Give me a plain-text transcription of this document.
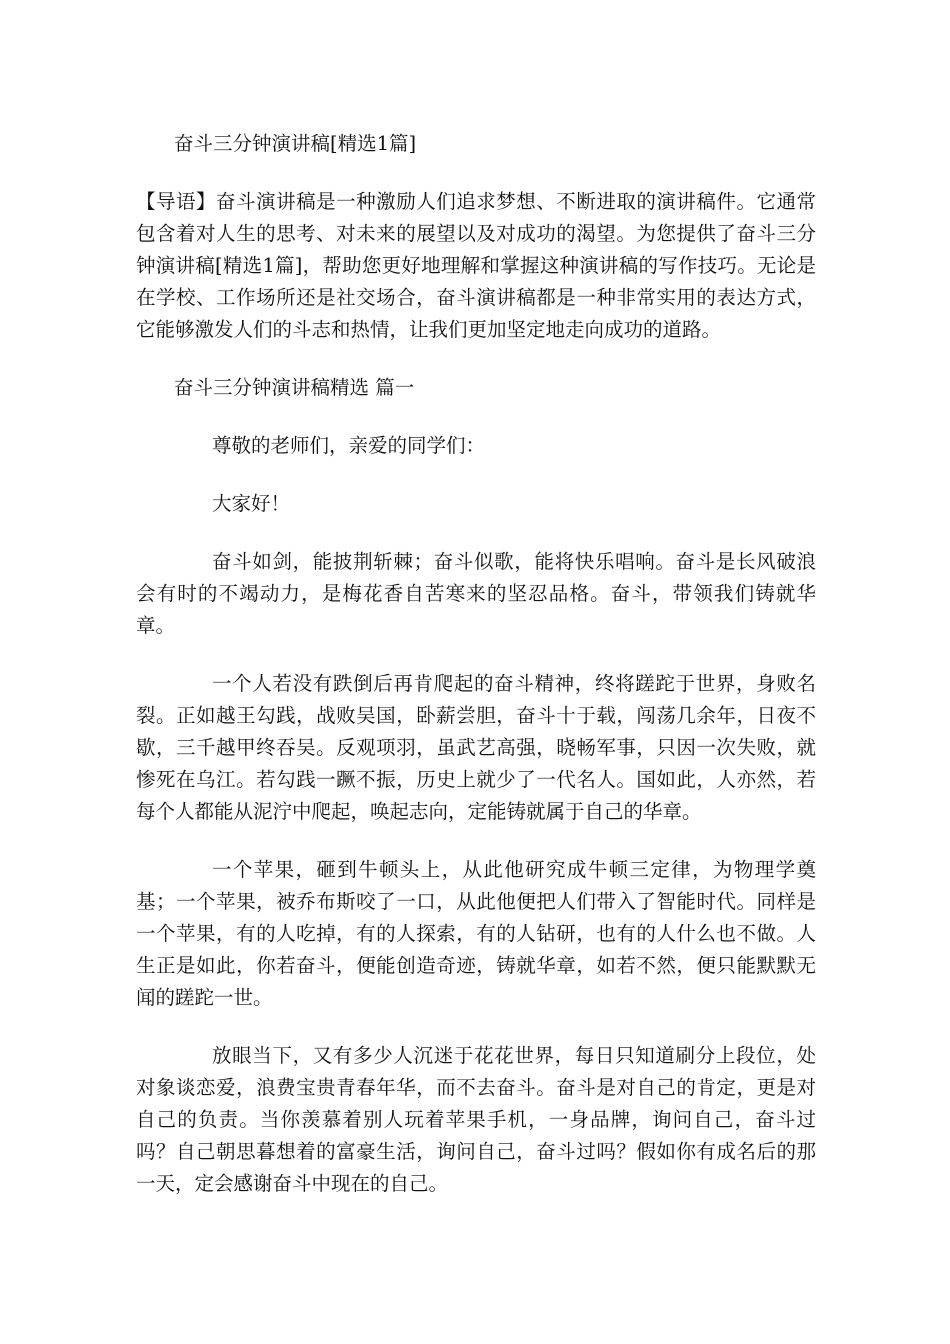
奋斗三分钟演讲稿[精选1篇]

【导语】奋斗演讲稿是一种激励人们追求梦想、不断进取的演讲稿件。它通常包含着对人生的思考、对未来的展望以及对成功的渴望。为您提供了奋斗三分钟演讲稿[精选1篇]，帮助您更好地理解和掌握这种演讲稿的写作技巧。无论是在学校、工作场所还是社交场合，奋斗演讲稿都是一种非常实用的表达方式，它能够激发人们的斗志和热情，让我们更加坚定地走向成功的道路。

奋斗三分钟演讲稿精选 篇一

尊敬的老师们，亲爱的同学们：

大家好！

奋斗如剑，能披荆斩棘；奋斗似歌，能将快乐唱响。奋斗是长风破浪会有时的不竭动力，是梅花香自苦寒来的坚忍品格。奋斗，带领我们铸就华章。

一个人若没有跌倒后再肯爬起的奋斗精神，终将蹉跎于世界，身败名裂。正如越王勾践，战败吴国，卧薪尝胆，奋斗十于载，闯荡几余年，日夜不歇，三千越甲终吞吴。反观项羽，虽武艺高强，晓畅军事，只因一次失败，就惨死在乌江。若勾践一蹶不振，历史上就少了一代名人。国如此，人亦然，若每个人都能从泥泞中爬起，唤起志向，定能铸就属于自己的华章。

一个苹果，砸到牛顿头上，从此他研究成牛顿三定律，为物理学奠基；一个苹果，被乔布斯咬了一口，从此他便把人们带入了智能时代。同样是一个苹果，有的人吃掉，有的人探索，有的人钻研，也有的人什么也不做。人生正是如此，你若奋斗，便能创造奇迹，铸就华章，如若不然，便只能默默无闻的蹉跎一世。

放眼当下，又有多少人沉迷于花花世界，每日只知道刷分上段位，处对象谈恋爱，浪费宝贵青春年华，而不去奋斗。奋斗是对自己的肯定，更是对自己的负责。当你羡慕着别人玩着苹果手机，一身品牌，询问自己，奋斗过吗？自己朝思暮想着的富豪生活，询问自己，奋斗过吗？假如你有成名后的那一天，定会感谢奋斗中现在的自己。
